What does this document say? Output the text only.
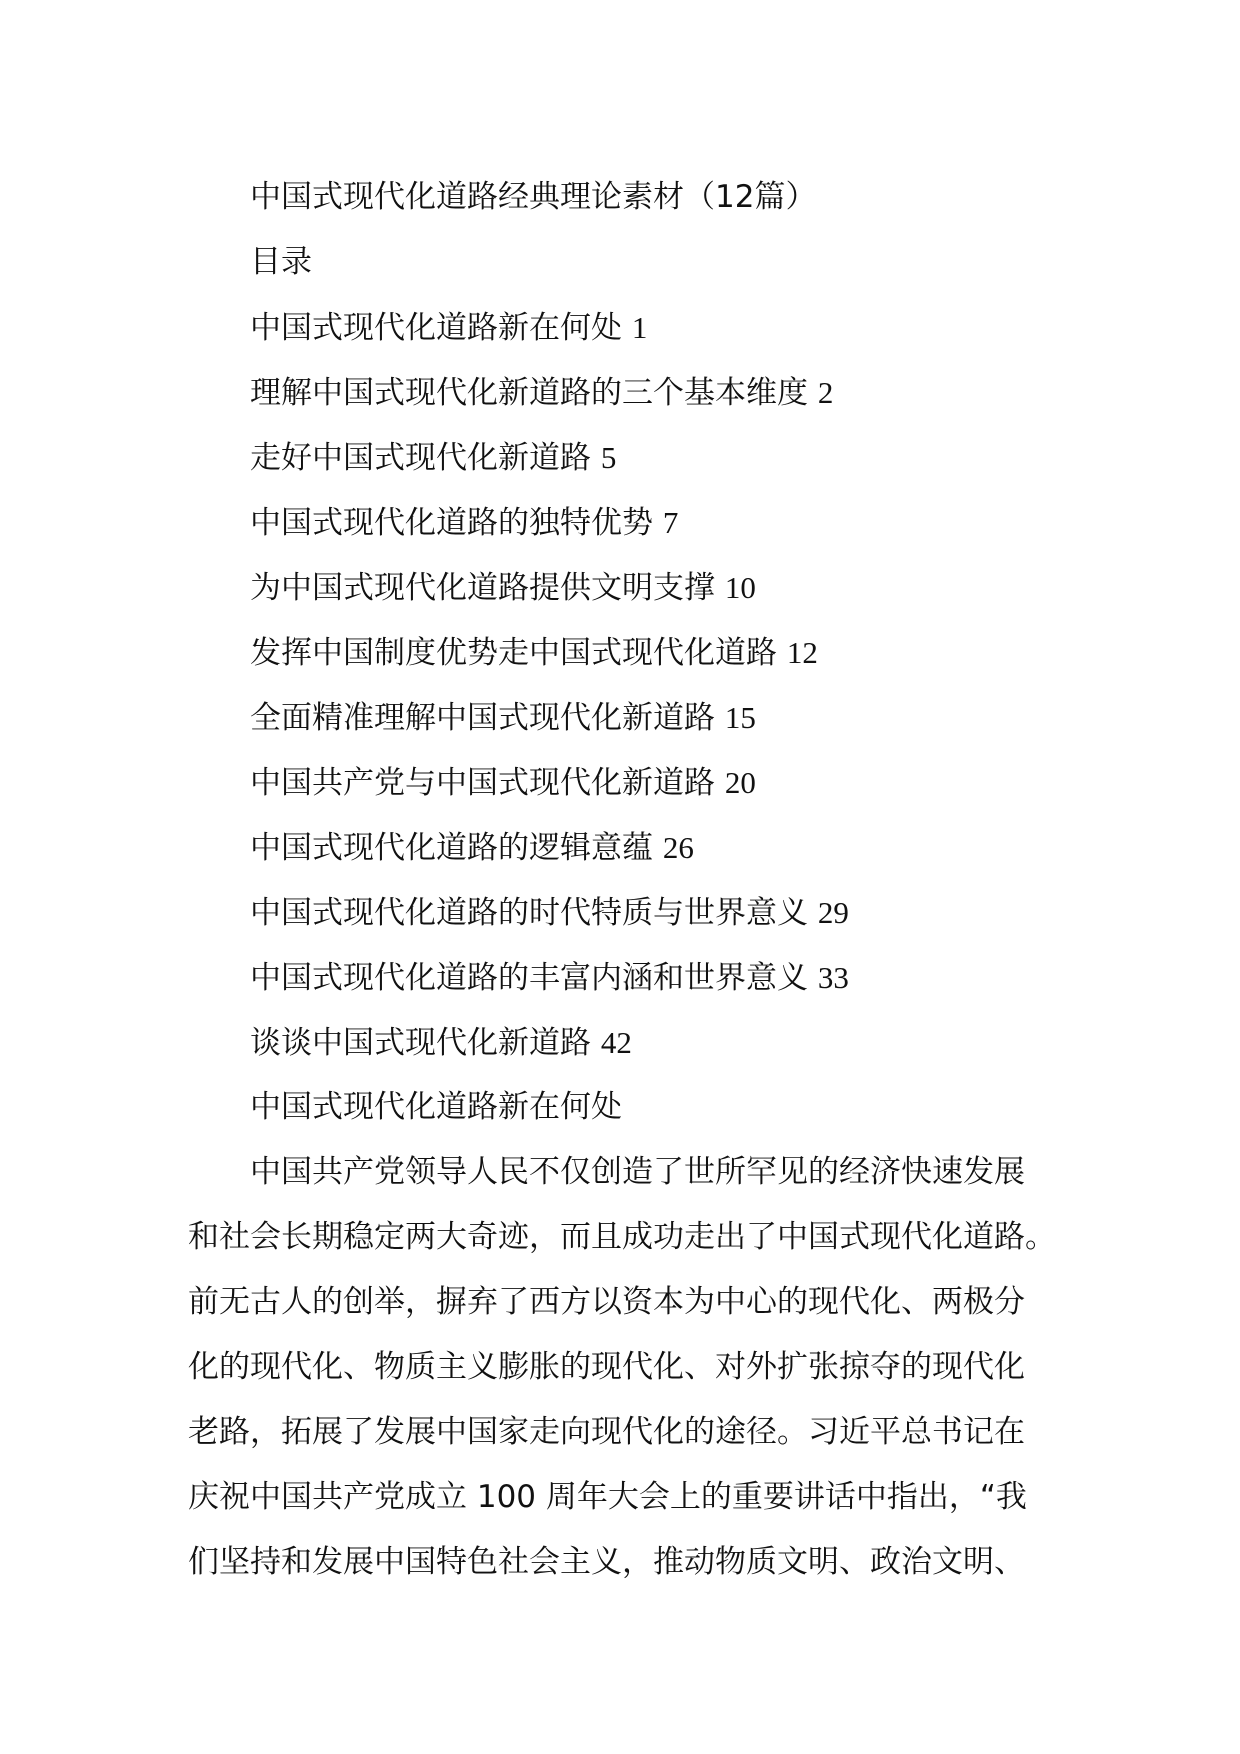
中国式现代化道路经典理论素材（12篇）
目录
中国式现代化道路新在何处 1
理解中国式现代化新道路的三个基本维度 2
走好中国式现代化新道路 5
中国式现代化道路的独特优势 7
为中国式现代化道路提供文明支撑 10
发挥中国制度优势走中国式现代化道路 12
全面精准理解中国式现代化新道路 15
中国共产党与中国式现代化新道路 20
中国式现代化道路的逻辑意蕴 26
中国式现代化道路的时代特质与世界意义 29
中国式现代化道路的丰富内涵和世界意义 33
谈谈中国式现代化新道路 42
中国式现代化道路新在何处
中国共产党领导人民不仅创造了世所罕见的经济快速发展
和社会长期稳定两大奇迹，而且成功走出了中国式现代化道路。
前无古人的创举，摒弃了西方以资本为中心的现代化、两极分
化的现代化、物质主义膨胀的现代化、对外扩张掠夺的现代化
老路，拓展了发展中国家走向现代化的途径。习近平总书记在
庆祝中国共产党成立 100 周年大会上的重要讲话中指出，“我
们坚持和发展中国特色社会主义，推动物质文明、政治文明、
